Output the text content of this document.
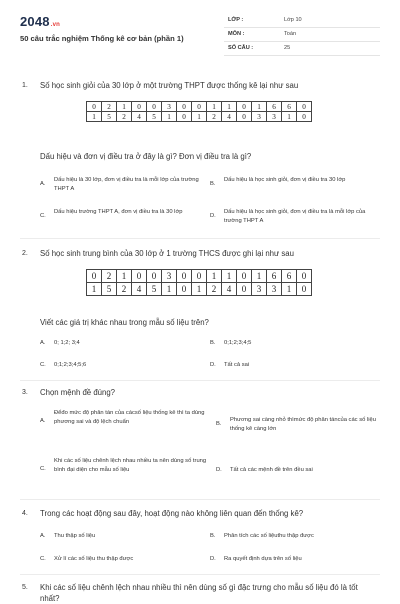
2048.vn
50 câu trắc nghiệm Thống kê cơ bản (phần 1)
LỚP :	Lớp 10
MÔN :	Toán
SỐ CÂU :	25
1. Số học sinh giỏi của 30 lớp ở một trường THPT được thống kê lại như sau
0	2	1	0	0	3	0	0	1	1	0	1	6	6	0
1	5	2	4	5	1	0	1	2	4	0	3	3	1	0
Dấu hiệu và đơn vị điều tra ở đây là gì? Đơn vị điều tra là gì?
A.
Dấu hiệu là 30 lớp, đơn vị điều tra là mỗi lớp của trường THPT A
B.
Dấu hiệu là học sinh giỏi, đơn vị điều tra 30 lớp
C.
Dấu hiệu trường THPT A, đơn vị điều tra là 30 lớp
D.
Dấu hiệu là học sinh giỏi, đơn vị điều tra là mỗi lớp của trường THPT A
2. Số học sinh trung bình của 30 lớp ở 1 trường THCS được ghi lại như sau
0	2	1	0	0	3	0	0	1	1	0	1	6	6	0
1	5	2	4	5	1	0	1	2	4	0	3	3	1	0
Viết các giá trị khác nhau trong mẫu số liệu trên?
A. 0; 1;2; 3;4	B. 0;1;2;3;4;5
C. 0;1;2;3;4;5;6	D. Tất cả sai
3. Chọn mệnh đề đúng?
A.
Đểđo mức độ phân tán của cácsố liệu thống kê thì ta dùng phương sai và độ lệch chuẩn	B.
Phương sai càng nhỏ thìmức độ phân táncủa các số liệu thống kê càng lớn
C.
Khi các số liệu chênh lệch nhau nhiều ta nên dùng số trung bình đại diện cho mẫu số liệu	D. Tất cả các mệnh đề trên đều sai
4. Trong các hoạt động sau đây, hoạt động nào không liên quan đến thống kê?
A. Thu thập số liệu	B. Phân tích các số liệuthu thập được
C. Xử lí các số liệu thu thập được	D. Ra quyết định dựa trên số liệu
5. Khi các số liệu chênh lệch nhau nhiều thì nên dùng số gì đặc trưng cho mẫu số liệu đó là tốt nhất?
